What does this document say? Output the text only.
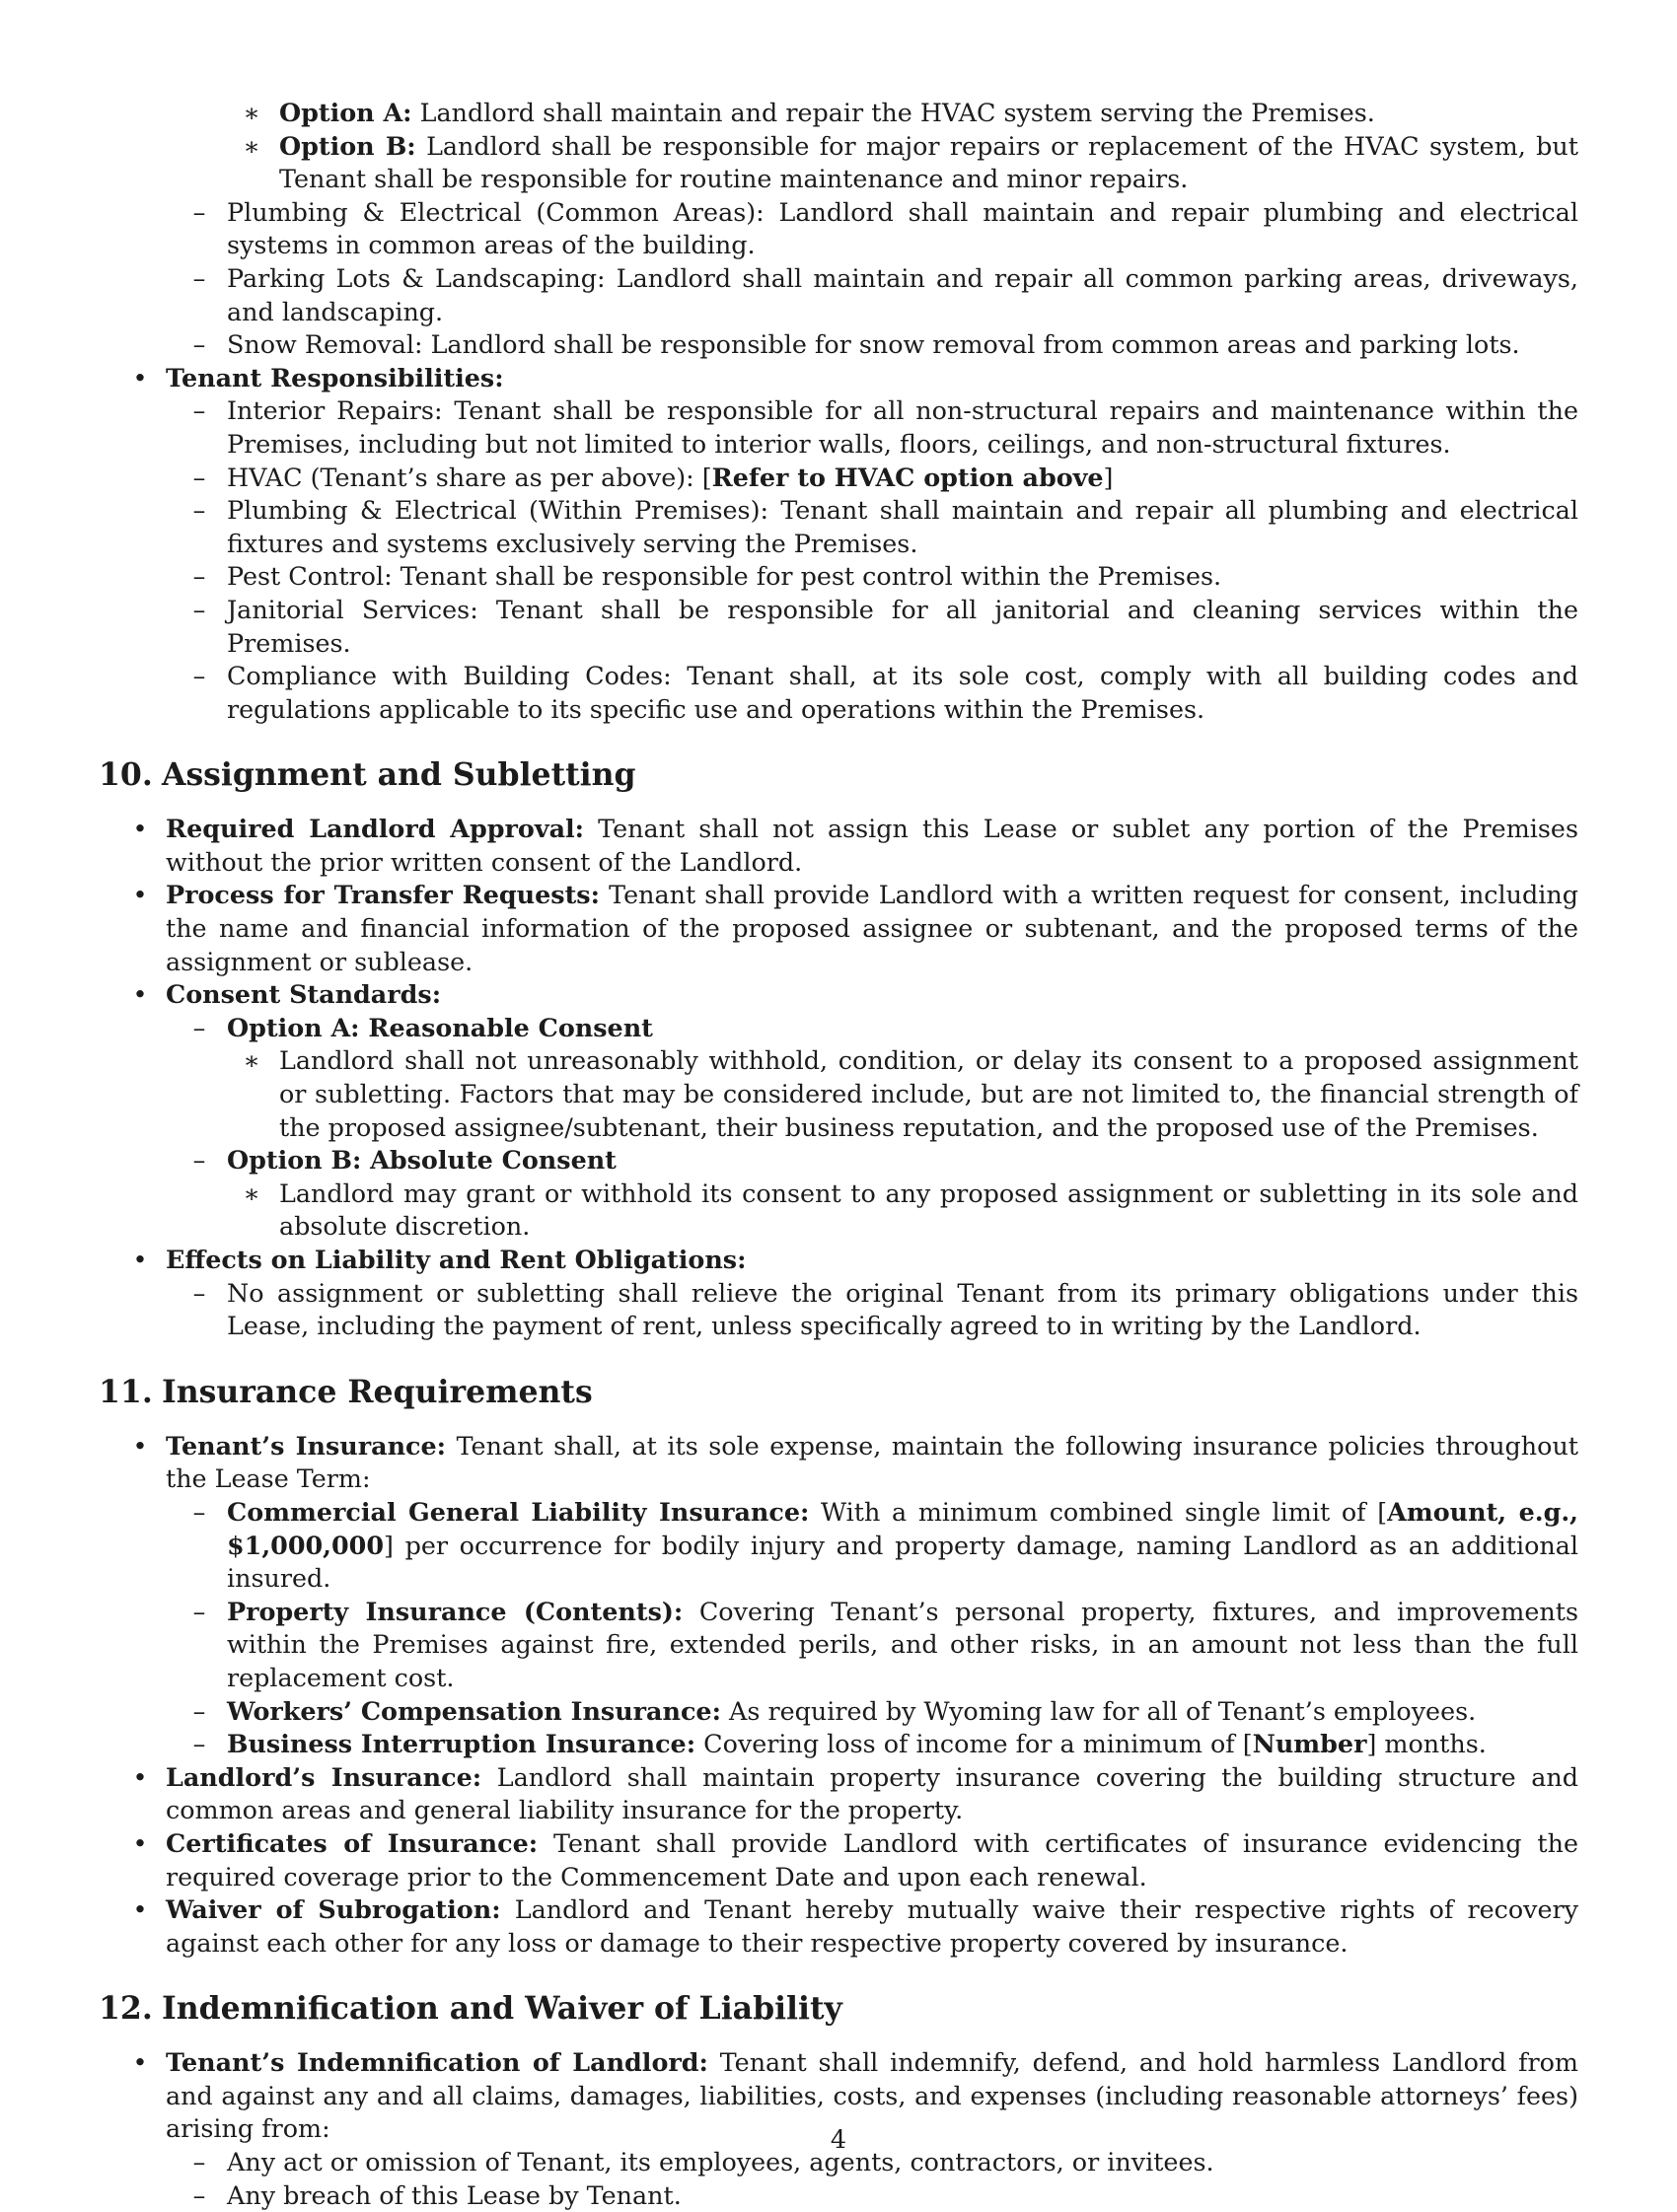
∗ Option A: Landlord shall maintain and repair the HVAC system serving the Premises.

∗ Option B: Landlord shall be responsible for major repairs or replacement of the HVAC system, but Tenant shall be responsible for routine maintenance and minor repairs.

– Plumbing & Electrical (Common Areas): Landlord shall maintain and repair plumbing and electrical systems in common areas of the building.

– Parking Lots & Landscaping: Landlord shall maintain and repair all common parking areas, driveways, and landscaping.

– Snow Removal: Landlord shall be responsible for snow removal from common areas and parking lots.

• Tenant Responsibilities:

– Interior Repairs: Tenant shall be responsible for all non-structural repairs and maintenance within the Premises, including but not limited to interior walls, floors, ceilings, and non-structural fixtures.

– HVAC (Tenant’s share as per above): [Refer to HVAC option above]

– Plumbing & Electrical (Within Premises): Tenant shall maintain and repair all plumbing and electrical fixtures and systems exclusively serving the Premises.

– Pest Control: Tenant shall be responsible for pest control within the Premises.

– Janitorial Services: Tenant shall be responsible for all janitorial and cleaning services within the Premises.

– Compliance with Building Codes: Tenant shall, at its sole cost, comply with all building codes and regulations applicable to its specific use and operations within the Premises.

10. Assignment and Subletting
• Required Landlord Approval: Tenant shall not assign this Lease or sublet any portion of the Premises without the prior written consent of the Landlord.

• Process for Transfer Requests: Tenant shall provide Landlord with a written request for consent, including the name and financial information of the proposed assignee or subtenant, and the proposed terms of the assignment or sublease.

• Consent Standards:

– Option A: Reasonable Consent

∗ Landlord shall not unreasonably withhold, condition, or delay its consent to a proposed assignment or subletting. Factors that may be considered include, but are not limited to, the financial strength of the proposed assignee/subtenant, their business reputation, and the proposed use of the Premises.

– Option B: Absolute Consent

∗ Landlord may grant or withhold its consent to any proposed assignment or subletting in its sole and absolute discretion.

• Effects on Liability and Rent Obligations:

– No assignment or subletting shall relieve the original Tenant from its primary obligations under this Lease, including the payment of rent, unless specifically agreed to in writing by the Landlord.

11. Insurance Requirements
• Tenant’s Insurance: Tenant shall, at its sole expense, maintain the following insurance policies throughout the Lease Term:

– Commercial General Liability Insurance: With a minimum combined single limit of [Amount, e.g., $1,000,000] per occurrence for bodily injury and property damage, naming Landlord as an additional insured.

– Property Insurance (Contents): Covering Tenant’s personal property, fixtures, and improvements within the Premises against fire, extended perils, and other risks, in an amount not less than the full replacement cost.

– Workers’ Compensation Insurance: As required by Wyoming law for all of Tenant’s employees.

– Business Interruption Insurance: Covering loss of income for a minimum of [Number] months.

• Landlord’s Insurance: Landlord shall maintain property insurance covering the building structure and common areas and general liability insurance for the property.

• Certificates of Insurance: Tenant shall provide Landlord with certificates of insurance evidencing the required coverage prior to the Commencement Date and upon each renewal.

• Waiver of Subrogation: Landlord and Tenant hereby mutually waive their respective rights of recovery against each other for any loss or damage to their respective property covered by insurance.

12. Indemnification and Waiver of Liability
• Tenant’s Indemnification of Landlord: Tenant shall indemnify, defend, and hold harmless Landlord from and against any and all claims, damages, liabilities, costs, and expenses (including reasonable attorneys’ fees) arising from:

– Any act or omission of Tenant, its employees, agents, contractors, or invitees.

– Any breach of this Lease by Tenant.

4
